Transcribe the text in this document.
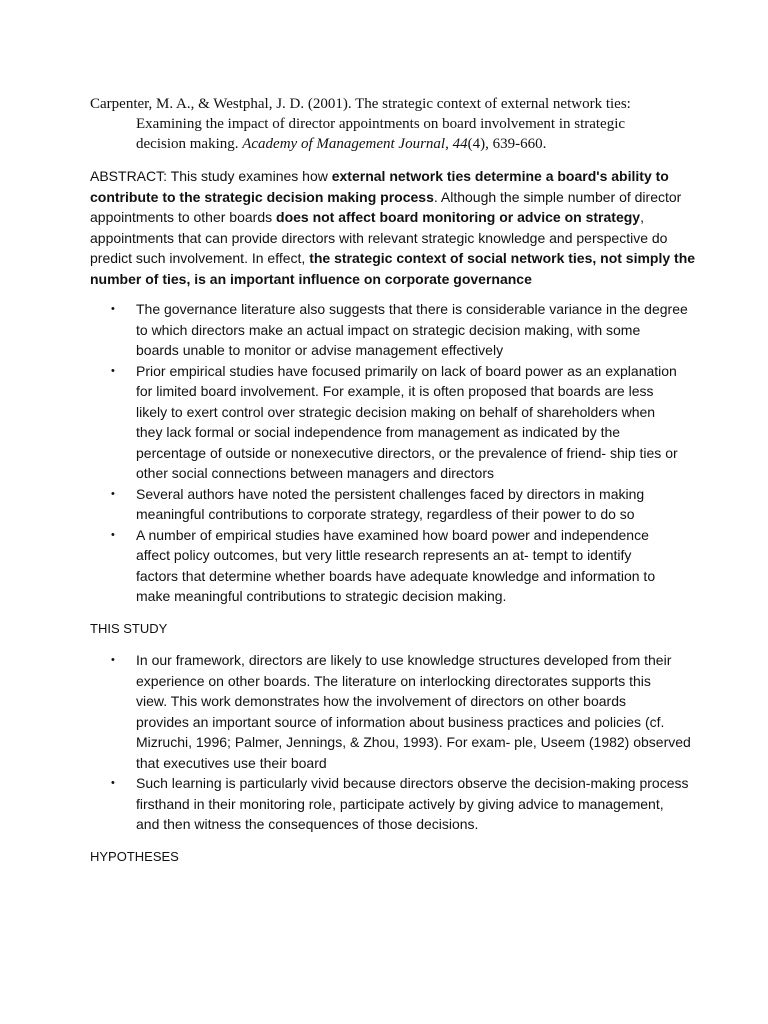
Carpenter, M. A., & Westphal, J. D. (2001). The strategic context of external network ties:
Examining the impact of director appointments on board involvement in strategic
decision making. Academy of Management Journal, 44(4), 639-660.
ABSTRACT: This study examines how external network ties determine a board's ability to
contribute to the strategic decision making process. Although the simple number of director
appointments to other boards does not affect board monitoring or advice on strategy,
appointments that can provide directors with relevant strategic knowledge and perspective do
predict such involvement. In effect, the strategic context of social network ties, not simply the
number of ties, is an important influence on corporate governance
• The governance literature also suggests that there is considerable variance in the degree
to which directors make an actual impact on strategic decision making, with some
boards unable to monitor or advise management effectively
• Prior empirical studies have focused primarily on lack of board power as an explanation
for limited board involvement. For example, it is often proposed that boards are less
likely to exert control over strategic decision making on behalf of shareholders when
they lack formal or social independence from management as indicated by the
percentage of outside or nonexecutive directors, or the prevalence of friend- ship ties or
other social connections between managers and directors
• Several authors have noted the persistent challenges faced by directors in making
meaningful contributions to corporate strategy, regardless of their power to do so
• A number of empirical studies have examined how board power and independence
affect policy outcomes, but very little research represents an at- tempt to identify
factors that determine whether boards have adequate knowledge and information to
make meaningful contributions to strategic decision making.
THIS STUDY
• In our framework, directors are likely to use knowledge structures developed from their
experience on other boards. The literature on interlocking directorates supports this
view. This work demonstrates how the involvement of directors on other boards
provides an important source of information about business practices and policies (cf.
Mizruchi, 1996; Palmer, Jennings, & Zhou, 1993). For exam- ple, Useem (1982) observed
that executives use their board
• Such learning is particularly vivid because directors observe the decision-making process
firsthand in their monitoring role, participate actively by giving advice to management,
and then witness the consequences of those decisions.
HYPOTHESES
